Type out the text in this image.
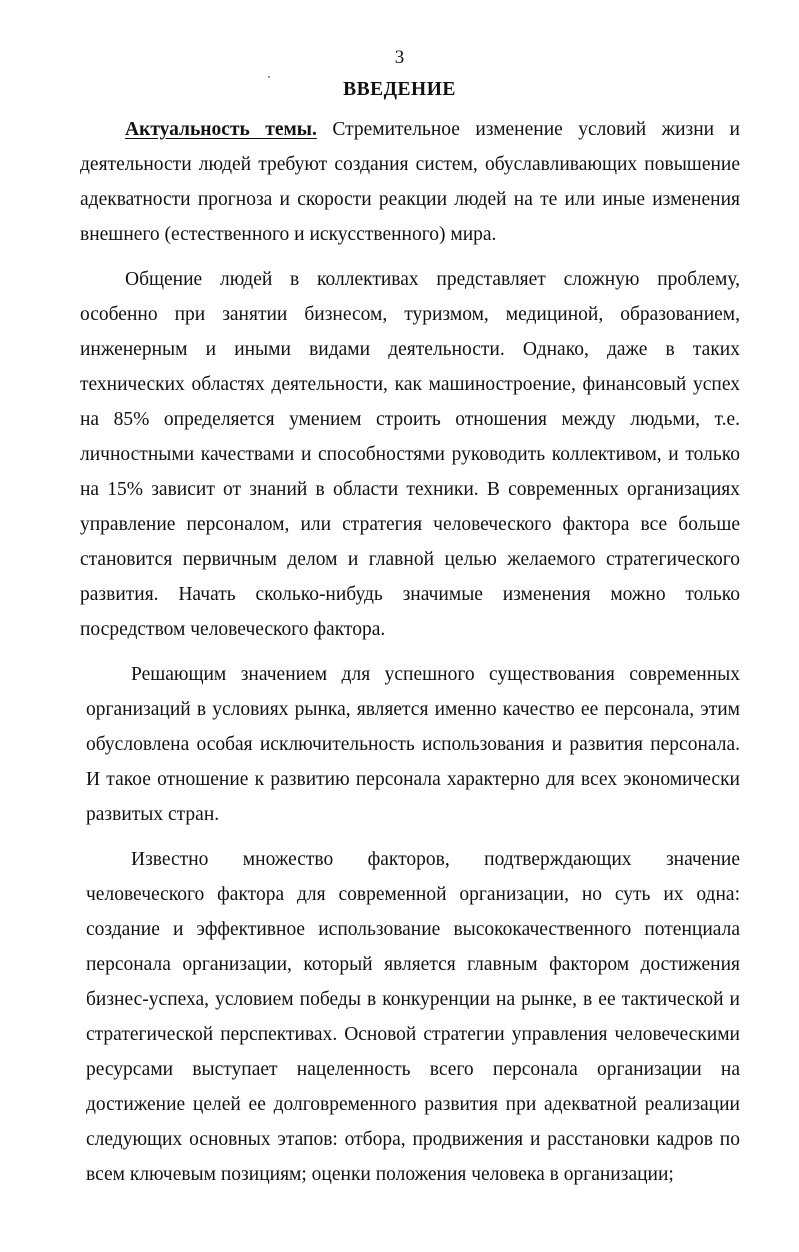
3
ВВЕДЕНИЕ

Актуальность темы. Стремительное изменение условий жизни и деятельности людей требуют создания систем, обуславливающих повышение адекватности прогноза и скорости реакции людей на те или иные изменения внешнего (естественного и искусственного) мира.

Общение людей в коллективах представляет сложную проблему, особенно при занятии бизнесом, туризмом, медициной, образованием, инженерным и иными видами деятельности. Однако, даже в таких технических областях деятельности, как машиностроение, финансовый успех на 85% определяется умением строить отношения между людьми, т.е. личностными качествами и способностями руководить коллективом, и только на 15% зависит от знаний в области техники. В современных организациях управление персоналом, или стратегия человеческого фактора все больше становится первичным делом и главной целью желаемого стратегического развития. Начать сколько-нибудь значимые изменения можно только посредством человеческого фактора.

Решающим значением для успешного существования современных организаций в условиях рынка, является именно качество ее персонала, этим обусловлена особая исключительность использования и развития персонала. И такое отношение к развитию персонала характерно для всех экономически развитых стран.

Известно множество факторов, подтверждающих значение человеческого фактора для современной организации, но суть их одна: создание и эффективное использование высококачественного потенциала персонала организации, который является главным фактором достижения бизнес-успеха, условием победы в конкуренции на рынке, в ее тактической и стратегической перспективах. Основой стратегии управления человеческими ресурсами выступает нацеленность всего персонала организации на достижение целей ее долговременного развития при адекватной реализации следующих основных этапов: отбора, продвижения и расстановки кадров по всем ключевым позициям; оценки положения человека в организации;
